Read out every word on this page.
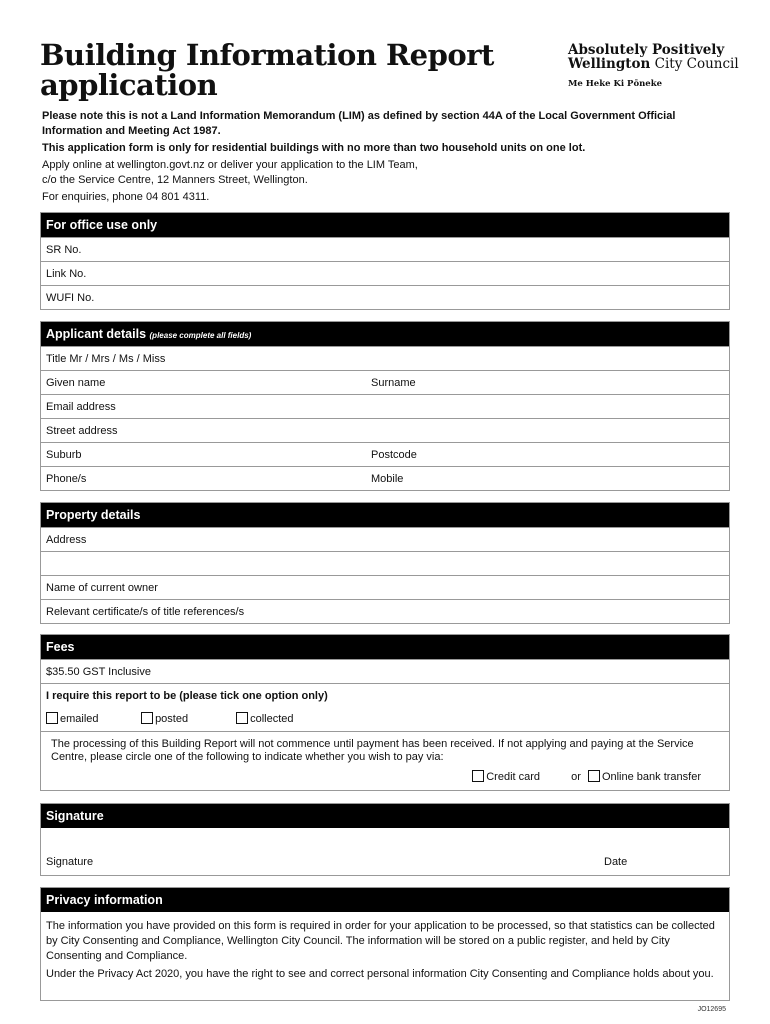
Building Information Report
application
Absolutely Positively
Wellington City Council
Me Heke Ki Pōneke

Please note this is not a Land Information Memorandum (LIM) as defined by section 44A of the Local Government Official Information and Meeting Act 1987.

This application form is only for residential buildings with no more than two household units on one lot.

Apply online at wellington.govt.nz or deliver your application to the LIM Team,
c/o the Service Centre, 12 Manners Street, Wellington.

For enquiries, phone 04 801 4311.

For office use only
SR No.
Link No.
WUFI No.
Applicant details (please complete all fields)
Title Mr / Mrs / Ms / Miss
Given name	Surname
Email address
Street address
Suburb	Postcode
Phone/s	Mobile
Property details
Address
Name of current owner
Relevant certificate/s of title references/s
Fees
$35.50 GST Inclusive
I require this report to be (please tick one option only)
emailed	posted	collected
The processing of this Building Report will not commence until payment has been received. If not applying and paying at the Service Centre, please circle one of the following to indicate whether you wish to pay via:
Credit card	or Online bank transfer
Signature
Signature	Date
Privacy information

The information you have provided on this form is required in order for your application to be processed, so that statistics can be collected by City Consenting and Compliance, Wellington City Council. The information will be stored on a public register, and held by City Consenting and Compliance.

Under the Privacy Act 2020, you have the right to see and correct personal information City Consenting and Compliance holds about you.

JO12695
